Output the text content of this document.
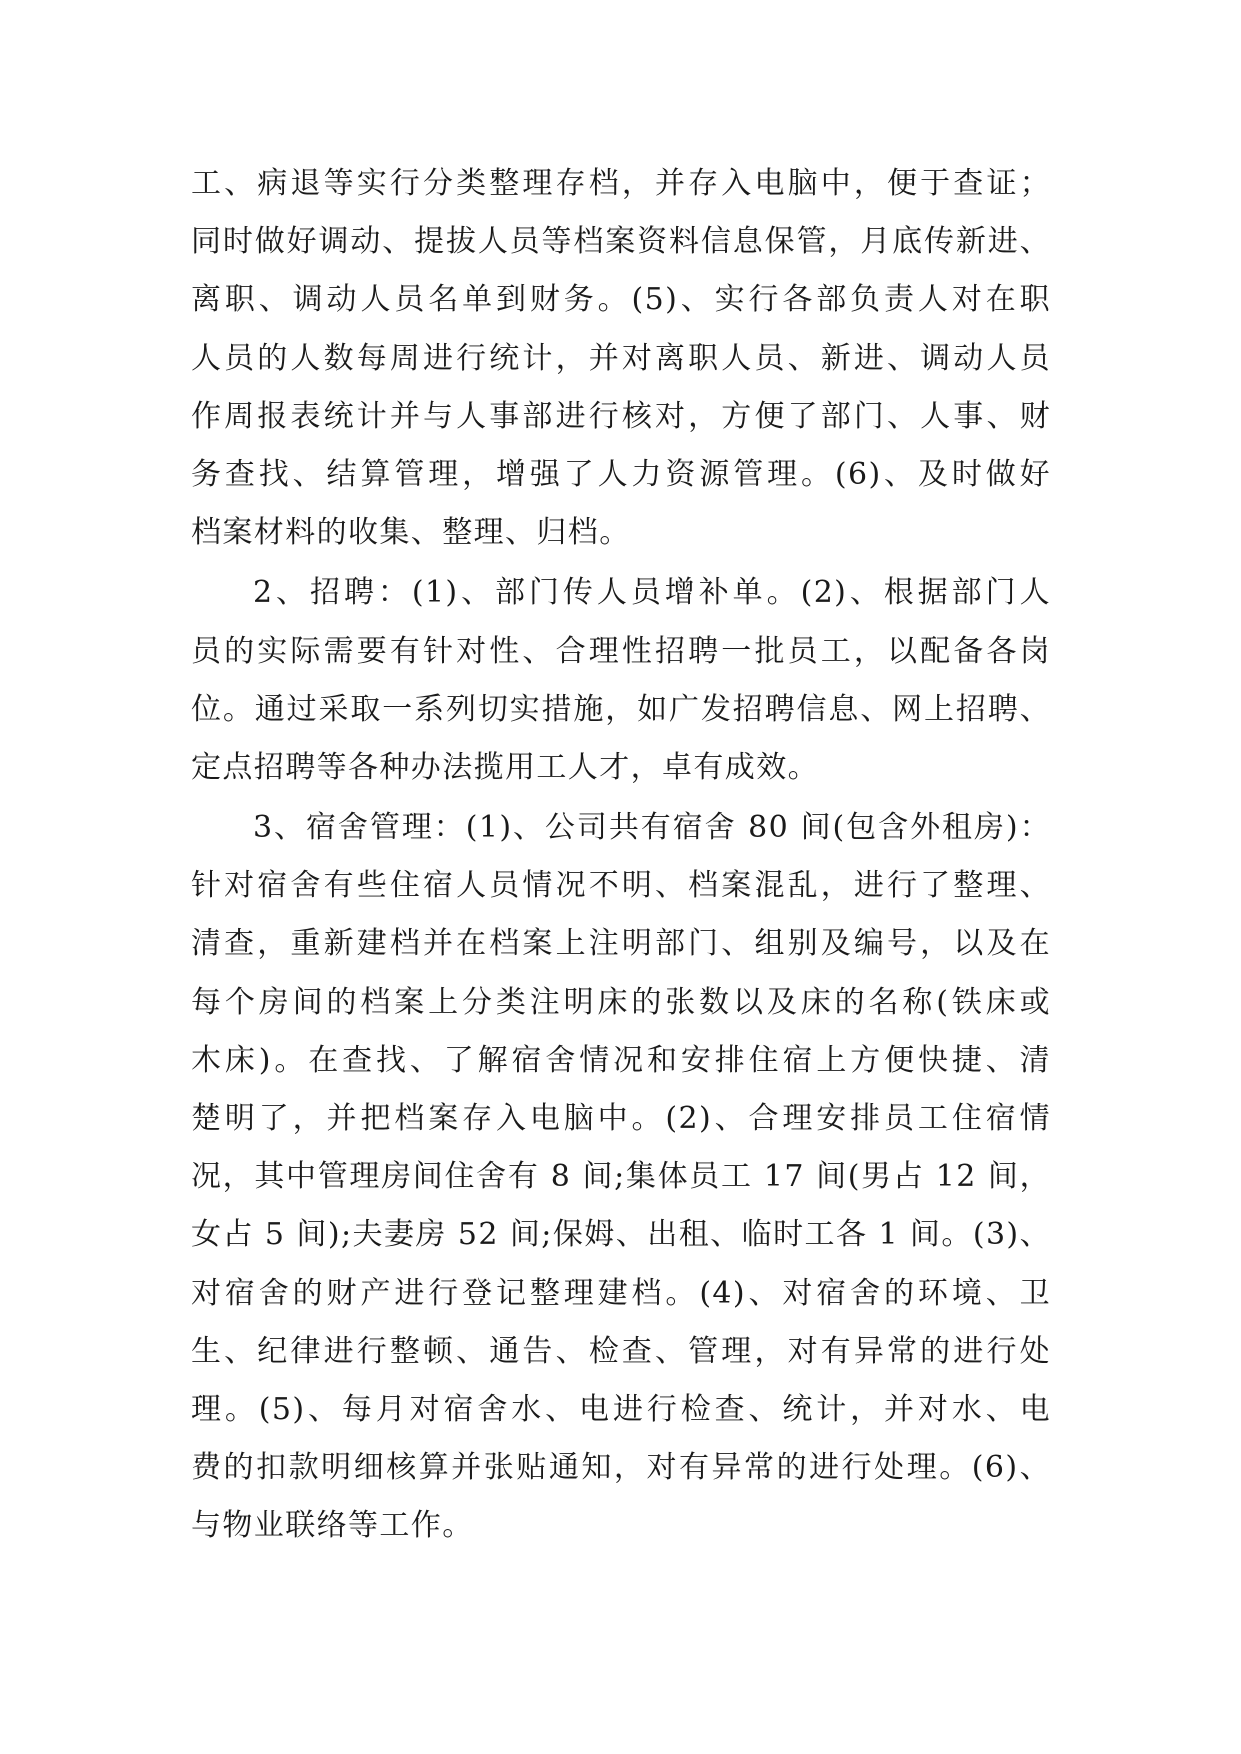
工、病退等实行分类整理存档，并存入电脑中，便于查证；
同时做好调动、提拔人员等档案资料信息保管，月底传新进、
离职、调动人员名单到财务。(5)、实行各部负责人对在职
人员的人数每周进行统计，并对离职人员、新进、调动人员
作周报表统计并与人事部进行核对，方便了部门、人事、财
务查找、结算管理，增强了人力资源管理。(6)、及时做好
档案材料的收集、整理、归档。
2、招聘：(1)、部门传人员增补单。(2)、根据部门人
员的实际需要有针对性、合理性招聘一批员工，以配备各岗
位。通过采取一系列切实措施，如广发招聘信息、网上招聘、
定点招聘等各种办法揽用工人才，卓有成效。
3、宿舍管理：(1)、公司共有宿舍 80 间(包含外租房)：
针对宿舍有些住宿人员情况不明、档案混乱，进行了整理、
清查，重新建档并在档案上注明部门、组别及编号，以及在
每个房间的档案上分类注明床的张数以及床的名称(铁床或
木床)。在查找、了解宿舍情况和安排住宿上方便快捷、清
楚明了，并把档案存入电脑中。(2)、合理安排员工住宿情
况，其中管理房间住舍有 8 间;集体员工 17 间(男占 12 间，
女占 5 间);夫妻房 52 间;保姆、出租、临时工各 1 间。(3)、
对宿舍的财产进行登记整理建档。(4)、对宿舍的环境、卫
生、纪律进行整顿、通告、检查、管理，对有异常的进行处
理。(5)、每月对宿舍水、电进行检查、统计，并对水、电
费的扣款明细核算并张贴通知，对有异常的进行处理。(6)、
与物业联络等工作。
